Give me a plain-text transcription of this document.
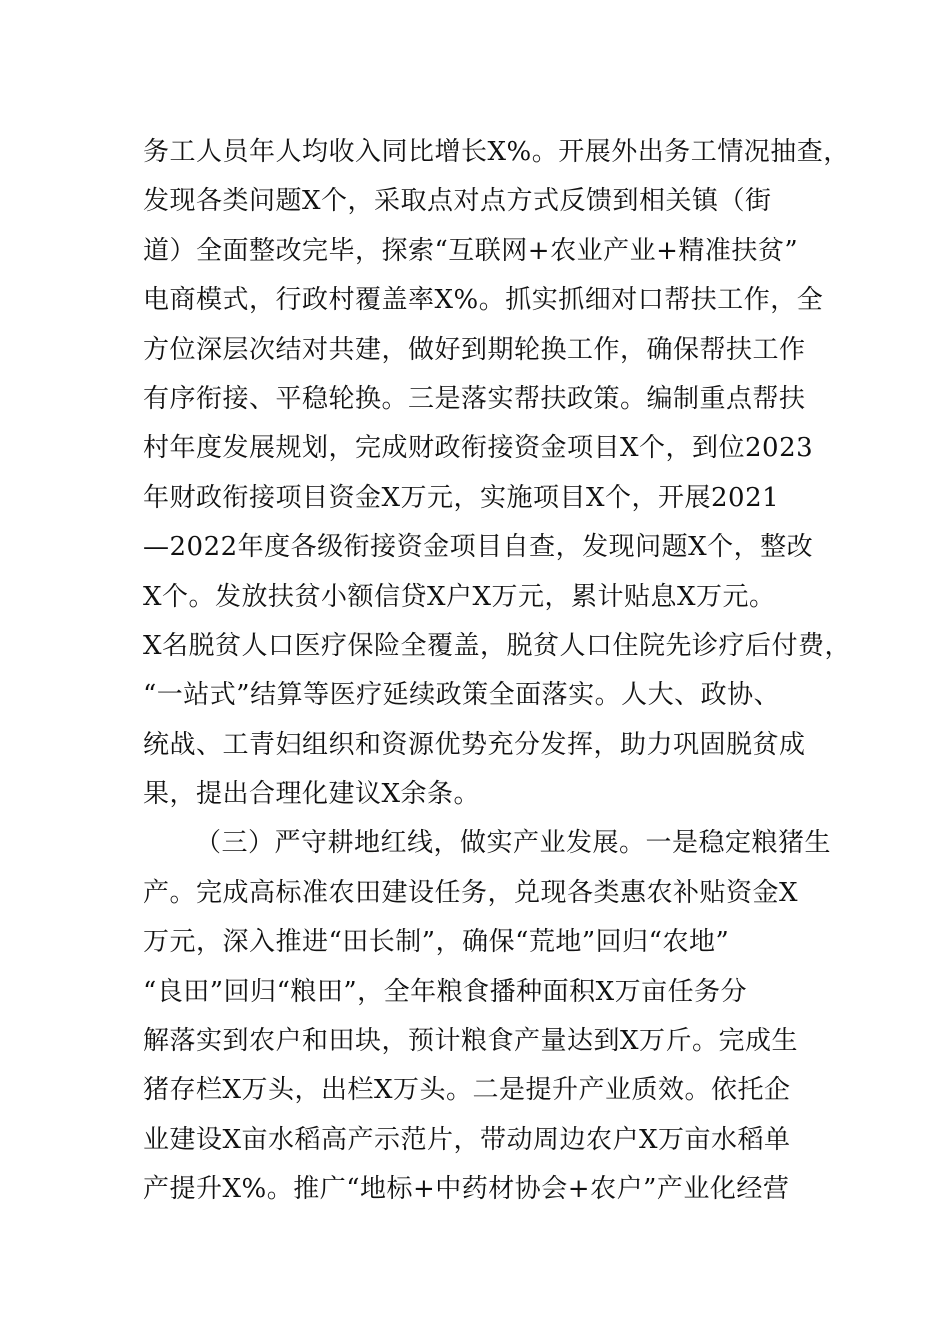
务工人员年人均收入同比增长X%。开展外出务工情况抽查，
发现各类问题X个，采取点对点方式反馈到相关镇（街
道）全面整改完毕，探索“互联网+农业产业+精准扶贫”
电商模式，行政村覆盖率X%。抓实抓细对口帮扶工作，全
方位深层次结对共建，做好到期轮换工作，确保帮扶工作
有序衔接、平稳轮换。三是落实帮扶政策。编制重点帮扶
村年度发展规划，完成财政衔接资金项目X个，到位2023
年财政衔接项目资金X万元，实施项目X个，开展2021
—2022年度各级衔接资金项目自查，发现问题X个，整改
X个。发放扶贫小额信贷X户X万元，累计贴息X万元。
X名脱贫人口医疗保险全覆盖，脱贫人口住院先诊疗后付费，
“一站式”结算等医疗延续政策全面落实。人大、政协、
统战、工青妇组织和资源优势充分发挥，助力巩固脱贫成
果，提出合理化建议X余条。
（三）严守耕地红线，做实产业发展。一是稳定粮猪生
产。完成高标准农田建设任务，兑现各类惠农补贴资金X
万元，深入推进“田长制”，确保“荒地”回归“农地”
“良田”回归“粮田”，全年粮食播种面积X万亩任务分
解落实到农户和田块，预计粮食产量达到X万斤。完成生
猪存栏X万头，出栏X万头。二是提升产业质效。依托企
业建设X亩水稻高产示范片，带动周边农户X万亩水稻单
产提升X%。推广“地标+中药材协会+农户”产业化经营
